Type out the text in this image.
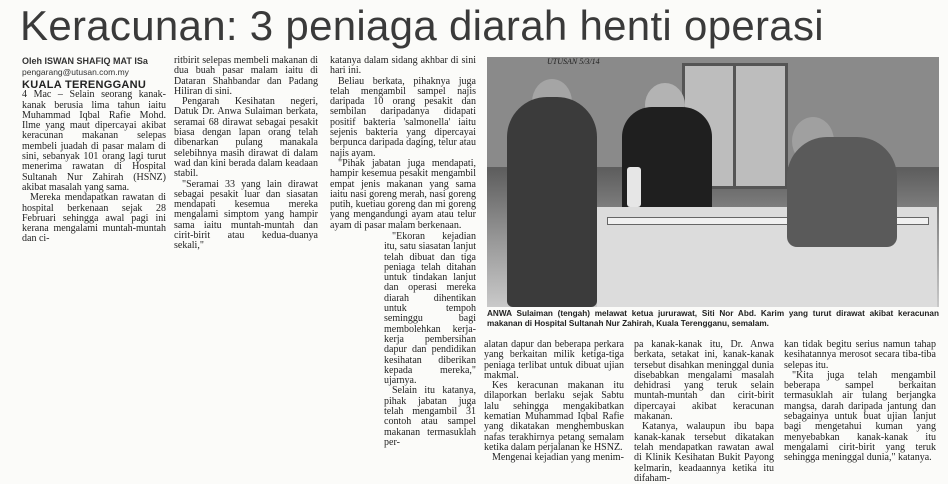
Keracunan: 3 peniaga diarah henti operasi
Oleh ISWAN SHAFIQ MAT ISa
pengarang@utusan.com.my
KUALA TERENGGANU

4 Mac – Selain seorang kanak-kanak berusia lima tahun iaitu Muhammad Iqbal Rafie Mohd. Ilme yang maut dipercayai akibat keracunan makanan selepas membeli juadah di pasar malam di sini, sebanyak 101 orang lagi turut menerima rawatan di Hospital Sultanah Nur Zahirah (HSNZ) akibat masalah yang sama.

Mereka mendapatkan rawatan di hospital berkenaan sejak 28 Februari sehingga awal pagi ini kerana mengalami muntah-muntah dan ci-

ritbirit selepas membeli makanan di dua buah pasar malam iaitu di Dataran Shahbandar dan Padang Hiliran di sini.

Pengarah Kesihatan negeri, Datuk Dr. Anwa Sulaiman berkata, seramai 68 dirawat sebagai pesakit biasa dengan lapan orang telah dibenarkan pulang manakala selebihnya masih dirawat di dalam wad dan kini berada dalam keadaan stabil.

"Seramai 33 yang lain dirawat sebagai pesakit luar dan siasatan mendapati kesemua mereka mengalami simptom yang hampir sama iaitu muntah-muntah dan cirit-birit atau kedua-duanya sekali,"

katanya dalam sidang akhbar di sini hari ini.

Beliau berkata, pihaknya juga telah mengambil sampel najis daripada 10 orang pesakit dan sembilan daripadanya didapati positif bakteria 'salmonella' iaitu sejenis bakteria yang dipercayai berpunca daripada daging, telur atau najis ayam.

"Pihak jabatan juga mendapati, hampir kesemua pesakit mengambil empat jenis makanan yang sama iaitu nasi goreng merah, nasi goreng putih, kuetiau goreng dan mi goreng yang mengandungi ayam atau telur ayam di pasar malam berkenaan.

"Ekoran kejadian itu, satu siasatan lanjut telah dibuat dan tiga peniaga telah ditahan untuk tindakan lanjut dan operasi mereka diarah dihentikan untuk tempoh seminggu bagi membolehkan kerja-kerja pembersihan dapur dan pendidikan kesihatan diberikan kepada mereka," ujarnya.

Selain itu katanya, pihak jabatan juga telah mengambil 31 contoh atau sampel makanan termasuklah per-

UTUSAN 5/3/14
ANWA Sulaiman (tengah) melawat ketua jururawat, Siti Nor Abd. Karim yang turut dirawat akibat keracunan makanan di Hospital Sultanah Nur Zahirah, Kuala Terengganu, semalam.

alatan dapur dan beberapa perkara yang berkaitan milik ketiga-tiga peniaga terlibat untuk dibuat ujian makmal.

Kes keracunan makanan itu dilaporkan berlaku sejak Sabtu lalu sehingga mengakibatkan kematian Muhammad Iqbal Rafie yang dikatakan menghembuskan nafas terakhirnya petang semalam ketika dalam perjalanan ke HSNZ.

Mengenai kejadian yang menim-

pa kanak-kanak itu, Dr. Anwa berkata, setakat ini, kanak-kanak tersebut disahkan meninggal dunia disebabkan mengalami masalah dehidrasi yang teruk selain muntah-muntah dan cirit-birit dipercayai akibat keracunan makanan.

Katanya, walaupun ibu bapa kanak-kanak tersebut dikatakan telah mendapatkan rawatan awal di Klinik Kesihatan Bukit Payong kelmarin, keadaannya ketika itu difaham-

kan tidak begitu serius namun tahap kesihatannya merosot secara tiba-tiba selepas itu.

"Kita juga telah mengambil beberapa sampel berkaitan termasuklah air tulang berjangka mangsa, darah daripada jantung dan sebagainya untuk buat ujian lanjut bagi mengetahui kuman yang menyebabkan kanak-kanak itu mengalami cirit-birit yang teruk sehingga meninggal dunia," katanya.
